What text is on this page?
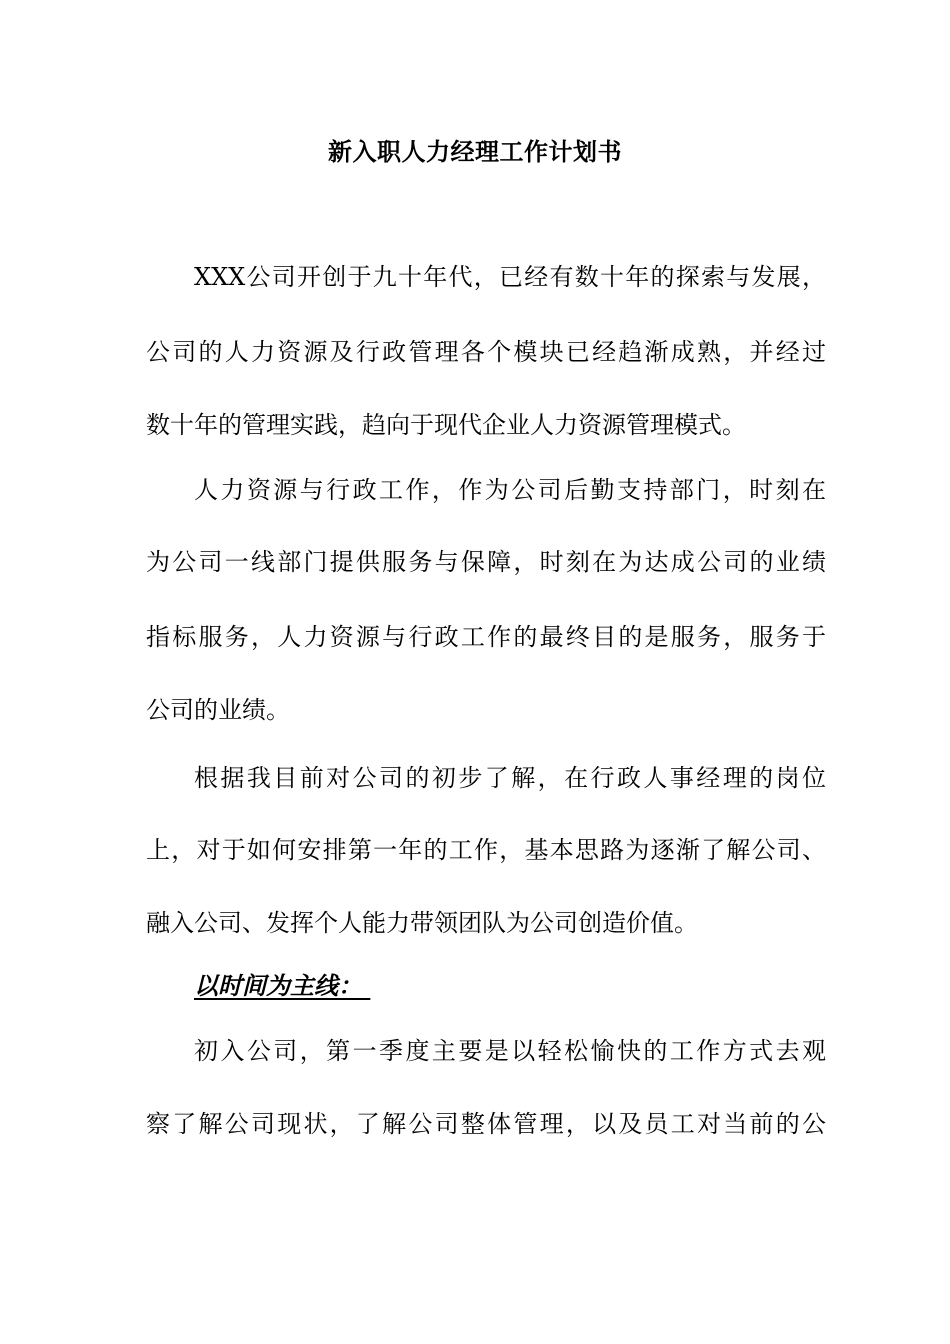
新入职人力经理工作计划书
XXX公司开创于九十年代，已经有数十年的探索与发展，
公司的人力资源及行政管理各个模块已经趋渐成熟，并经过
数十年的管理实践，趋向于现代企业人力资源管理模式。
人力资源与行政工作，作为公司后勤支持部门，时刻在
为公司一线部门提供服务与保障，时刻在为达成公司的业绩
指标服务，人力资源与行政工作的最终目的是服务，服务于
公司的业绩。
根据我目前对公司的初步了解，在行政人事经理的岗位
上，对于如何安排第一年的工作，基本思路为逐渐了解公司、
融入公司、发挥个人能力带领团队为公司创造价值。
以时间为主线：
初入公司，第一季度主要是以轻松愉快的工作方式去观
察了解公司现状，了解公司整体管理，以及员工对当前的公
